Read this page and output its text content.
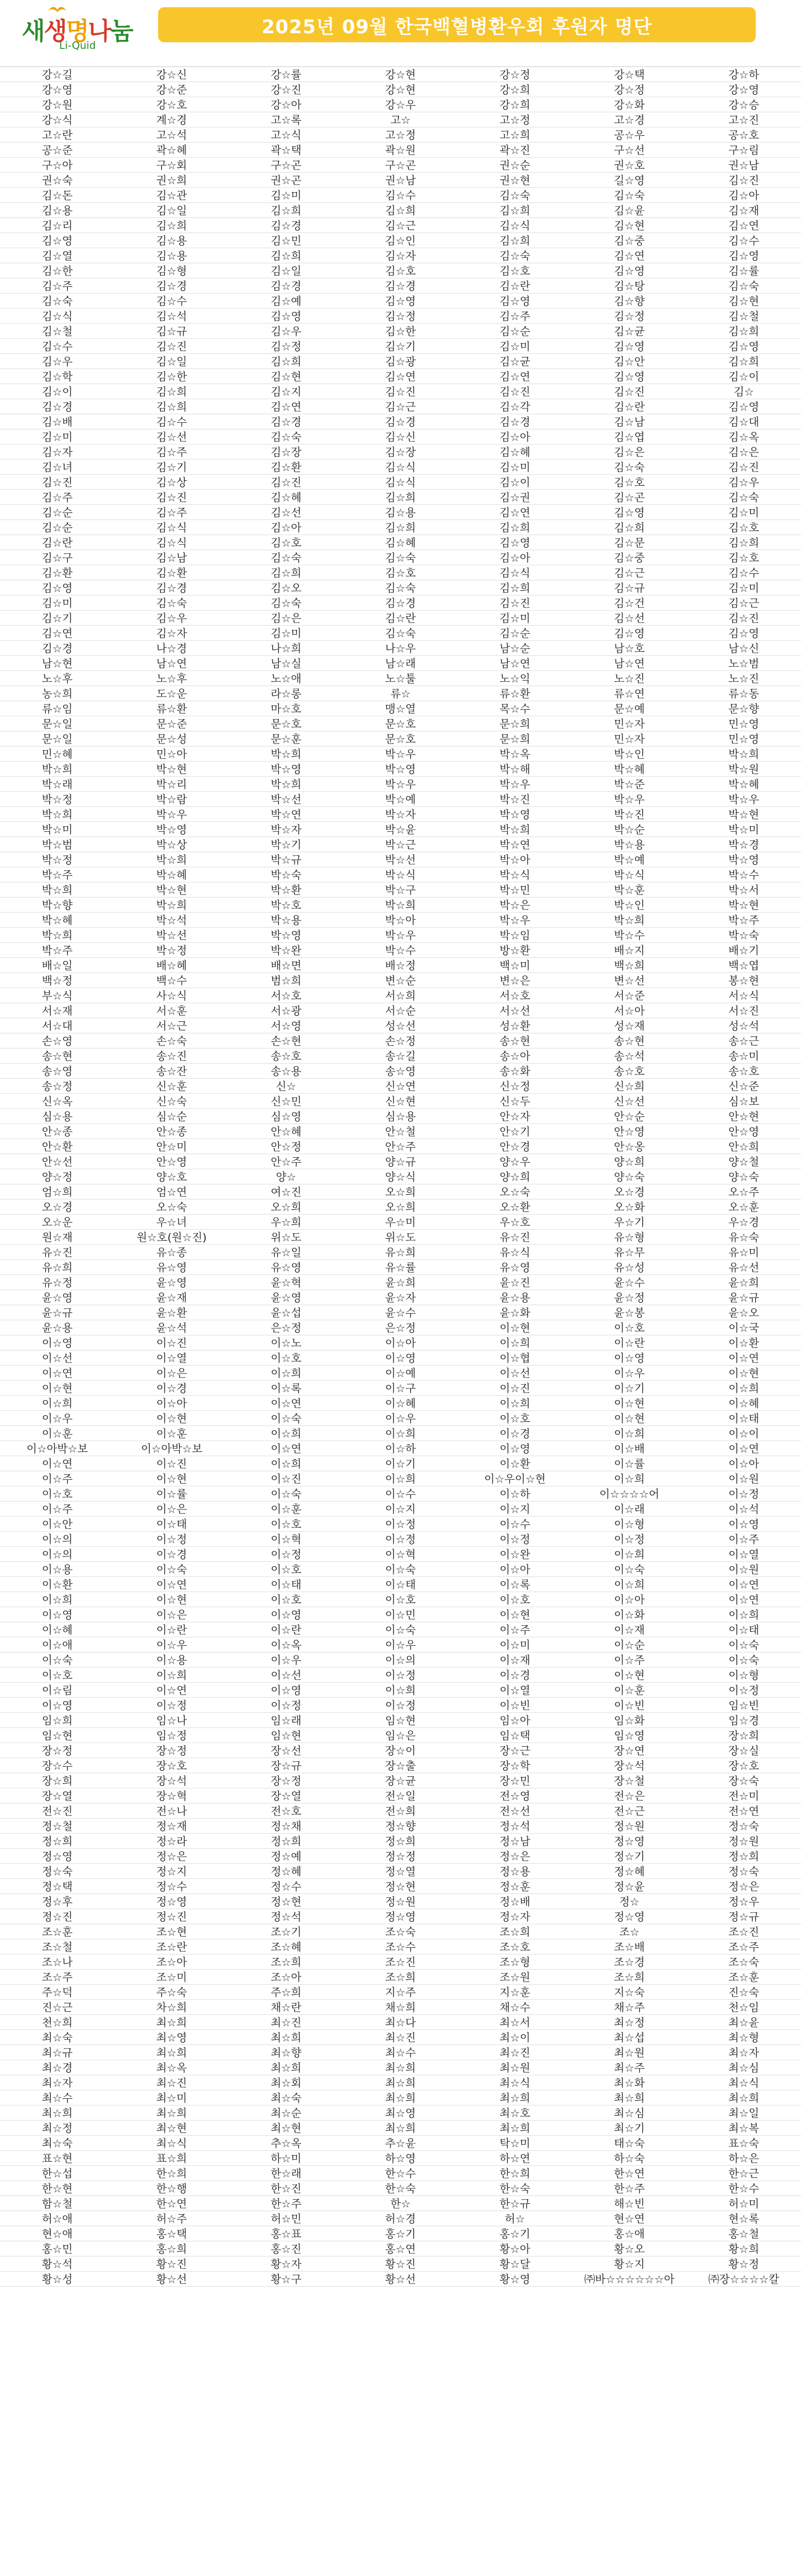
새생명나눔
Li-Quid
2025년 09월 한국백혈병환우회 후원자 명단
강☆길	강☆신	강☆률	강☆현	강☆정	강☆택	강☆하
강☆영	강☆준	강☆진	강☆현	강☆희	강☆정	강☆영
강☆원	강☆호	강☆아	강☆우	강☆희	강☆화	강☆승
강☆식	계☆경	고☆록	고☆	고☆정	고☆경	고☆진
고☆란	고☆석	고☆식	고☆정	고☆희	공☆우	공☆호
공☆준	곽☆혜	곽☆택	곽☆원	곽☆진	구☆선	구☆림
구☆아	구☆회	구☆곤	구☆곤	권☆순	권☆호	권☆남
권☆숙	권☆희	권☆곤	권☆남	권☆현	길☆영	김☆진
김☆돈	김☆관	김☆미	김☆수	김☆숙	김☆숙	김☆아
김☆용	김☆일	김☆희	김☆희	김☆희	김☆윤	김☆재
김☆리	김☆희	김☆경	김☆근	김☆식	김☆현	김☆연
김☆영	김☆용	김☆민	김☆인	김☆희	김☆중	김☆수
김☆열	김☆용	김☆희	김☆자	김☆숙	김☆연	김☆영
김☆한	김☆형	김☆일	김☆호	김☆호	김☆영	김☆률
김☆주	김☆경	김☆경	김☆경	김☆란	김☆탕	김☆숙
김☆숙	김☆수	김☆예	김☆영	김☆영	김☆향	김☆현
김☆식	김☆석	김☆영	김☆정	김☆주	김☆정	김☆철
김☆철	김☆규	김☆우	김☆한	김☆순	김☆균	김☆희
김☆수	김☆진	김☆정	김☆기	김☆미	김☆영	김☆영
김☆우	김☆일	김☆희	김☆광	김☆균	김☆안	김☆희
김☆학	김☆한	김☆현	김☆연	김☆연	김☆영	김☆이
김☆이	김☆희	김☆지	김☆진	김☆진	김☆진	김☆
김☆경	김☆희	김☆연	김☆근	김☆각	김☆란	김☆영
김☆배	김☆수	김☆경	김☆경	김☆경	김☆남	김☆대
김☆미	김☆선	김☆숙	김☆신	김☆아	김☆엽	김☆옥
김☆자	김☆주	김☆장	김☆장	김☆혜	김☆은	김☆은
김☆녀	김☆기	김☆환	김☆식	김☆미	김☆숙	김☆진
김☆진	김☆상	김☆진	김☆식	김☆이	김☆호	김☆우
김☆주	김☆진	김☆혜	김☆희	김☆권	김☆곤	김☆숙
김☆순	김☆주	김☆선	김☆용	김☆연	김☆영	김☆미
김☆순	김☆식	김☆아	김☆희	김☆희	김☆희	김☆호
김☆란	김☆식	김☆호	김☆혜	김☆영	김☆문	김☆희
김☆구	김☆남	김☆숙	김☆숙	김☆아	김☆중	김☆호
김☆환	김☆환	김☆희	김☆호	김☆식	김☆근	김☆수
김☆영	김☆경	김☆오	김☆숙	김☆희	김☆규	김☆미
김☆미	김☆숙	김☆숙	김☆경	김☆진	김☆건	김☆근
김☆기	김☆우	김☆은	김☆란	김☆미	김☆선	김☆진
김☆연	김☆자	김☆미	김☆숙	김☆순	김☆영	김☆영
김☆경	나☆경	나☆희	나☆우	남☆순	남☆호	남☆신
남☆현	남☆연	남☆실	남☆래	남☆연	남☆연	노☆범
노☆후	노☆후	노☆애	노☆툴	노☆익	노☆진	노☆진
농☆희	도☆운	라☆롱	류☆	류☆환	류☆연	류☆동
류☆임	류☆환	마☆호	맹☆열	목☆수	문☆예	문☆향
문☆일	문☆준	문☆호	문☆호	문☆희	민☆자	민☆영
문☆일	문☆성	문☆훈	문☆호	문☆희	민☆자	민☆영
민☆혜	민☆아	박☆희	박☆우	박☆옥	박☆인	박☆희
박☆희	박☆현	박☆영	박☆영	박☆해	박☆혜	박☆원
박☆래	박☆리	박☆희	박☆우	박☆우	박☆준	박☆혜
박☆정	박☆람	박☆선	박☆예	박☆진	박☆우	박☆우
박☆희	박☆우	박☆연	박☆자	박☆영	박☆진	박☆현
박☆미	박☆영	박☆자	박☆윤	박☆희	박☆순	박☆미
박☆범	박☆상	박☆기	박☆근	박☆연	박☆용	박☆경
박☆정	박☆희	박☆규	박☆선	박☆아	박☆예	박☆영
박☆주	박☆혜	박☆숙	박☆식	박☆식	박☆식	박☆수
박☆희	박☆현	박☆환	박☆구	박☆민	박☆훈	박☆서
박☆향	박☆희	박☆호	박☆희	박☆은	박☆인	박☆현
박☆혜	박☆석	박☆용	박☆아	박☆우	박☆희	박☆주
박☆희	박☆선	박☆영	박☆우	박☆임	박☆수	박☆숙
박☆주	박☆정	박☆완	박☆수	방☆환	배☆지	배☆기
배☆일	배☆혜	배☆면	배☆정	백☆미	백☆희	백☆엽
백☆정	백☆수	범☆희	변☆순	변☆은	변☆선	봉☆현
부☆식	사☆식	서☆호	서☆희	서☆호	서☆준	서☆식
서☆재	서☆훈	서☆광	서☆순	서☆선	서☆아	서☆진
서☆대	서☆근	서☆영	성☆선	성☆환	성☆재	성☆석
손☆영	손☆숙	손☆현	손☆정	송☆현	송☆현	송☆근
송☆현	송☆진	송☆호	송☆길	송☆아	송☆석	송☆미
송☆영	송☆잔	송☆용	송☆영	송☆화	송☆호	송☆호
송☆정	신☆훈	신☆	신☆연	신☆정	신☆희	신☆준
신☆옥	신☆숙	신☆민	신☆현	신☆두	신☆선	심☆보
심☆용	심☆순	심☆영	심☆용	안☆자	안☆순	안☆현
안☆종	안☆종	안☆혜	안☆철	안☆기	안☆영	안☆영
안☆환	안☆미	안☆정	안☆주	안☆경	안☆옹	안☆희
안☆선	안☆영	안☆주	양☆규	양☆우	양☆희	양☆철
양☆정	양☆호	양☆	양☆식	양☆희	양☆숙	양☆숙
엄☆희	엄☆연	여☆진	오☆희	오☆숙	오☆경	오☆주
오☆경	오☆숙	오☆희	오☆희	오☆환	오☆화	오☆훈
오☆운	우☆녀	우☆희	우☆미	우☆호	우☆기	우☆경
원☆재	원☆호(원☆진)	위☆도	위☆도	유☆진	유☆형	유☆숙
유☆진	유☆종	유☆일	유☆희	유☆식	유☆무	유☆미
유☆희	유☆영	유☆영	유☆률	유☆영	유☆성	유☆선
유☆정	윤☆영	윤☆혁	윤☆희	윤☆진	윤☆수	윤☆희
윤☆영	윤☆재	윤☆영	윤☆자	윤☆용	윤☆정	윤☆규
윤☆규	윤☆환	윤☆섭	윤☆수	윤☆화	윤☆봉	윤☆오
윤☆용	윤☆석	은☆정	은☆정	이☆현	이☆호	이☆국
이☆영	이☆진	이☆노	이☆아	이☆희	이☆란	이☆환
이☆선	이☆열	이☆호	이☆영	이☆협	이☆영	이☆연
이☆연	이☆은	이☆희	이☆예	이☆선	이☆우	이☆현
이☆현	이☆경	이☆록	이☆구	이☆진	이☆기	이☆희
이☆희	이☆아	이☆연	이☆혜	이☆희	이☆현	이☆혜
이☆우	이☆현	이☆숙	이☆우	이☆호	이☆현	이☆태
이☆훈	이☆훈	이☆희	이☆희	이☆경	이☆희	이☆이
이☆아박☆보	이☆아박☆보	이☆연	이☆하	이☆영	이☆배	이☆연
이☆연	이☆진	이☆희	이☆기	이☆환	이☆률	이☆아
이☆주	이☆현	이☆진	이☆희	이☆우이☆현	이☆희	이☆원
이☆호	이☆률	이☆숙	이☆수	이☆하	이☆☆☆☆어	이☆정
이☆주	이☆은	이☆훈	이☆지	이☆지	이☆래	이☆석
이☆안	이☆태	이☆호	이☆정	이☆수	이☆형	이☆영
이☆의	이☆정	이☆혁	이☆정	이☆정	이☆정	이☆주
이☆의	이☆경	이☆정	이☆혁	이☆완	이☆희	이☆열
이☆용	이☆숙	이☆호	이☆숙	이☆아	이☆숙	이☆원
이☆환	이☆연	이☆태	이☆태	이☆록	이☆희	이☆연
이☆희	이☆현	이☆호	이☆호	이☆호	이☆아	이☆연
이☆영	이☆은	이☆영	이☆민	이☆현	이☆화	이☆희
이☆혜	이☆란	이☆란	이☆숙	이☆주	이☆재	이☆태
이☆애	이☆우	이☆옥	이☆우	이☆미	이☆순	이☆숙
이☆숙	이☆용	이☆우	이☆의	이☆재	이☆주	이☆숙
이☆호	이☆희	이☆선	이☆정	이☆경	이☆현	이☆형
이☆림	이☆연	이☆영	이☆희	이☆열	이☆훈	이☆정
이☆영	이☆정	이☆정	이☆정	이☆빈	이☆빈	임☆빈
임☆희	임☆나	임☆래	임☆현	임☆아	임☆화	임☆경
임☆현	임☆정	임☆현	임☆은	임☆택	임☆영	장☆희
장☆정	장☆정	장☆선	장☆이	장☆근	장☆연	장☆실
장☆수	장☆호	장☆규	장☆출	장☆학	장☆석	장☆호
장☆희	장☆석	장☆정	장☆균	장☆민	장☆철	장☆숙
장☆열	장☆혁	장☆열	전☆일	전☆영	전☆은	전☆미
전☆진	전☆나	전☆호	전☆희	전☆선	전☆근	전☆연
정☆철	정☆재	정☆채	정☆향	정☆석	정☆원	정☆숙
정☆희	정☆라	정☆희	정☆희	정☆남	정☆영	정☆원
정☆영	정☆은	정☆예	정☆정	정☆은	정☆기	정☆희
정☆숙	정☆지	정☆혜	정☆열	정☆용	정☆혜	정☆숙
정☆택	정☆수	정☆수	정☆현	정☆훈	정☆윤	정☆은
정☆후	정☆영	정☆현	정☆원	정☆배	정☆	정☆우
정☆진	정☆진	정☆석	정☆영	정☆자	정☆영	정☆규
조☆훈	조☆현	조☆기	조☆숙	조☆희	조☆	조☆진
조☆철	조☆란	조☆혜	조☆수	조☆호	조☆배	조☆주
조☆나	조☆아	조☆희	조☆진	조☆형	조☆경	조☆숙
조☆주	조☆미	조☆아	조☆희	조☆원	조☆희	조☆훈
주☆덕	주☆숙	주☆희	지☆주	지☆훈	지☆숙	진☆숙
진☆근	차☆희	채☆란	채☆희	채☆수	채☆주	천☆임
천☆희	최☆희	최☆진	최☆다	최☆서	최☆정	최☆윤
최☆숙	최☆영	최☆희	최☆진	최☆이	최☆섭	최☆형
최☆규	최☆희	최☆향	최☆수	최☆진	최☆원	최☆자
최☆경	최☆옥	최☆희	최☆희	최☆원	최☆주	최☆심
최☆자	최☆진	최☆회	최☆희	최☆식	최☆화	최☆식
최☆수	최☆미	최☆숙	최☆희	최☆희	최☆희	최☆희
최☆희	최☆희	최☆순	최☆영	최☆호	최☆심	최☆일
최☆정	최☆현	최☆현	최☆희	최☆희	최☆기	최☆복
최☆숙	최☆식	추☆옥	추☆윤	탁☆미	태☆숙	표☆숙
표☆현	표☆희	하☆미	하☆영	하☆연	하☆숙	하☆은
한☆섭	한☆희	한☆래	한☆수	한☆희	한☆연	한☆근
한☆현	한☆행	한☆진	한☆숙	한☆숙	한☆주	한☆수
함☆철	한☆연	한☆주	한☆	한☆규	해☆빈	허☆미
허☆애	허☆주	허☆민	허☆경	허☆	현☆연	현☆록
현☆애	홍☆택	홍☆표	홍☆기	홍☆기	홍☆애	홍☆철
홍☆민	홍☆희	홍☆진	홍☆연	황☆아	황☆오	황☆희
황☆석	황☆진	황☆자	황☆진	황☆달	황☆지	황☆정
황☆성	황☆선	황☆구	황☆선	황☆영	㈜바☆☆☆☆☆☆아	㈜장☆☆☆☆칼
